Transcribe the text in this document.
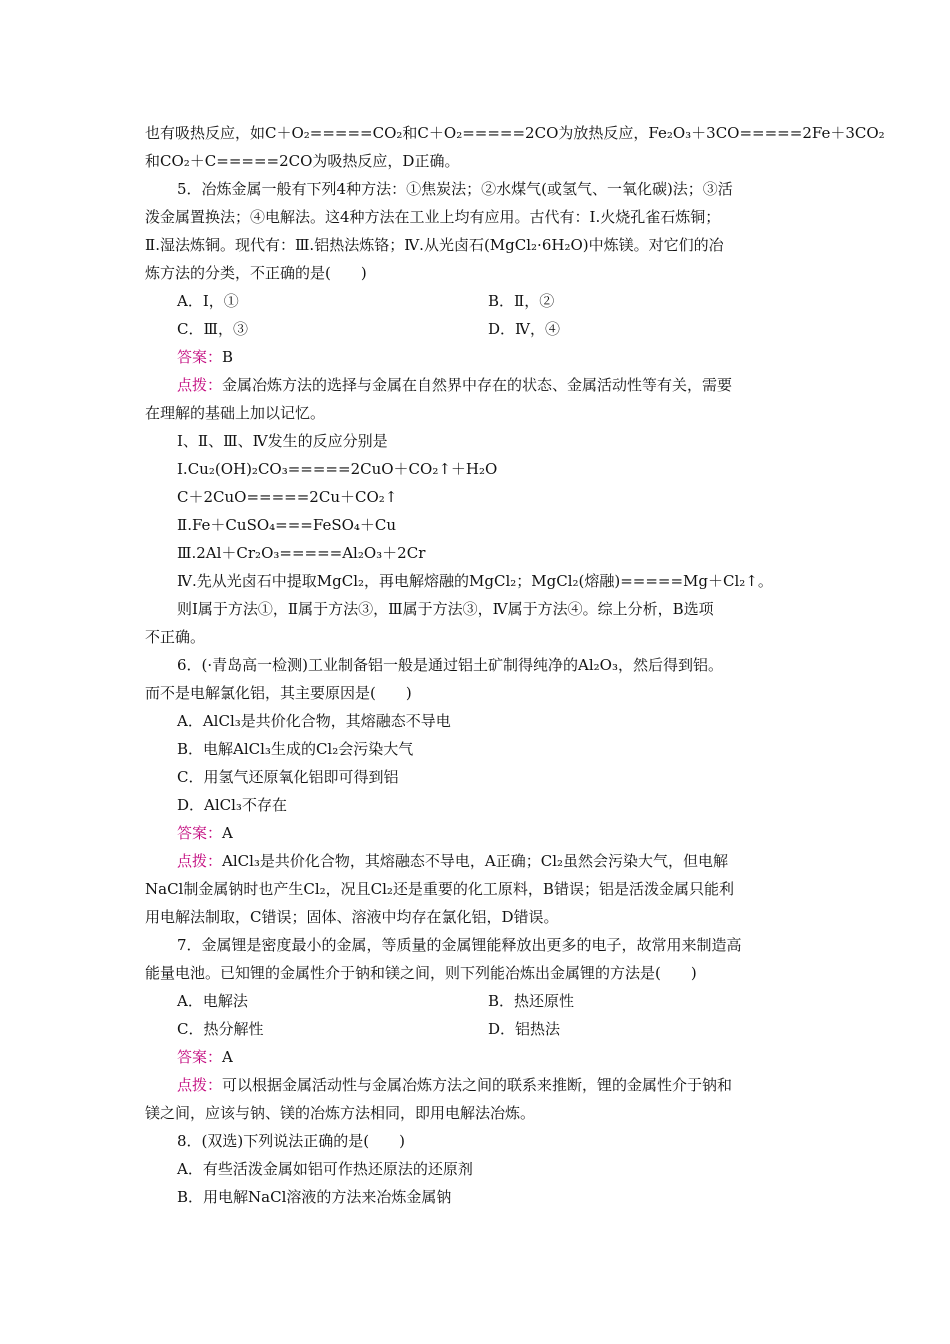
也有吸热反应，如C＋O₂=====CO₂和C＋O₂=====2CO为放热反应，Fe₂O₃＋3CO=====2Fe＋3CO₂
和CO₂＋C=====2CO为吸热反应，D正确。
5．冶炼金属一般有下列4种方法：①焦炭法；②水煤气(或氢气、一氧化碳)法；③活
泼金属置换法；④电解法。这4种方法在工业上均有应用。古代有：Ⅰ.火烧孔雀石炼铜；
Ⅱ.湿法炼铜。现代有：Ⅲ.铝热法炼铬；Ⅳ.从光卤石(MgCl₂·6H₂O)中炼镁。对它们的冶
炼方法的分类，不正确的是(　　)
A．Ⅰ，①	B．Ⅱ，②
C．Ⅲ，③	D．Ⅳ，④
答案：B
点拨：金属冶炼方法的选择与金属在自然界中存在的状态、金属活动性等有关，需要
在理解的基础上加以记忆。
Ⅰ、Ⅱ、Ⅲ、Ⅳ发生的反应分别是
Ⅰ.Cu₂(OH)₂CO₃=====2CuO＋CO₂↑＋H₂O
C＋2CuO=====2Cu＋CO₂↑
Ⅱ.Fe＋CuSO₄===FeSO₄＋Cu
Ⅲ.2Al＋Cr₂O₃=====Al₂O₃＋2Cr
Ⅳ.先从光卤石中提取MgCl₂，再电解熔融的MgCl₂；MgCl₂(熔融)=====Mg＋Cl₂↑。
则Ⅰ属于方法①，Ⅱ属于方法③，Ⅲ属于方法③，Ⅳ属于方法④。综上分析，B选项
不正确。
6．(·青岛高一检测)工业制备铝一般是通过铝土矿制得纯净的Al₂O₃，然后得到铝。
而不是电解氯化铝，其主要原因是(　　)
A．AlCl₃是共价化合物，其熔融态不导电
B．电解AlCl₃生成的Cl₂会污染大气
C．用氢气还原氧化铝即可得到铝
D．AlCl₃不存在
答案：A
点拨：AlCl₃是共价化合物，其熔融态不导电，A正确；Cl₂虽然会污染大气，但电解
NaCl制金属钠时也产生Cl₂，况且Cl₂还是重要的化工原料，B错误；铝是活泼金属只能利
用电解法制取，C错误；固体、溶液中均存在氯化铝，D错误。
7．金属锂是密度最小的金属，等质量的金属锂能释放出更多的电子，故常用来制造高
能量电池。已知锂的金属性介于钠和镁之间，则下列能冶炼出金属锂的方法是(　　)
A．电解法	B．热还原性
C．热分解性	D．铝热法
答案：A
点拨：可以根据金属活动性与金属冶炼方法之间的联系来推断，锂的金属性介于钠和
镁之间，应该与钠、镁的冶炼方法相同，即用电解法冶炼。
8．(双选)下列说法正确的是(　　)
A．有些活泼金属如铝可作热还原法的还原剂
B．用电解NaCl溶液的方法来冶炼金属钠
